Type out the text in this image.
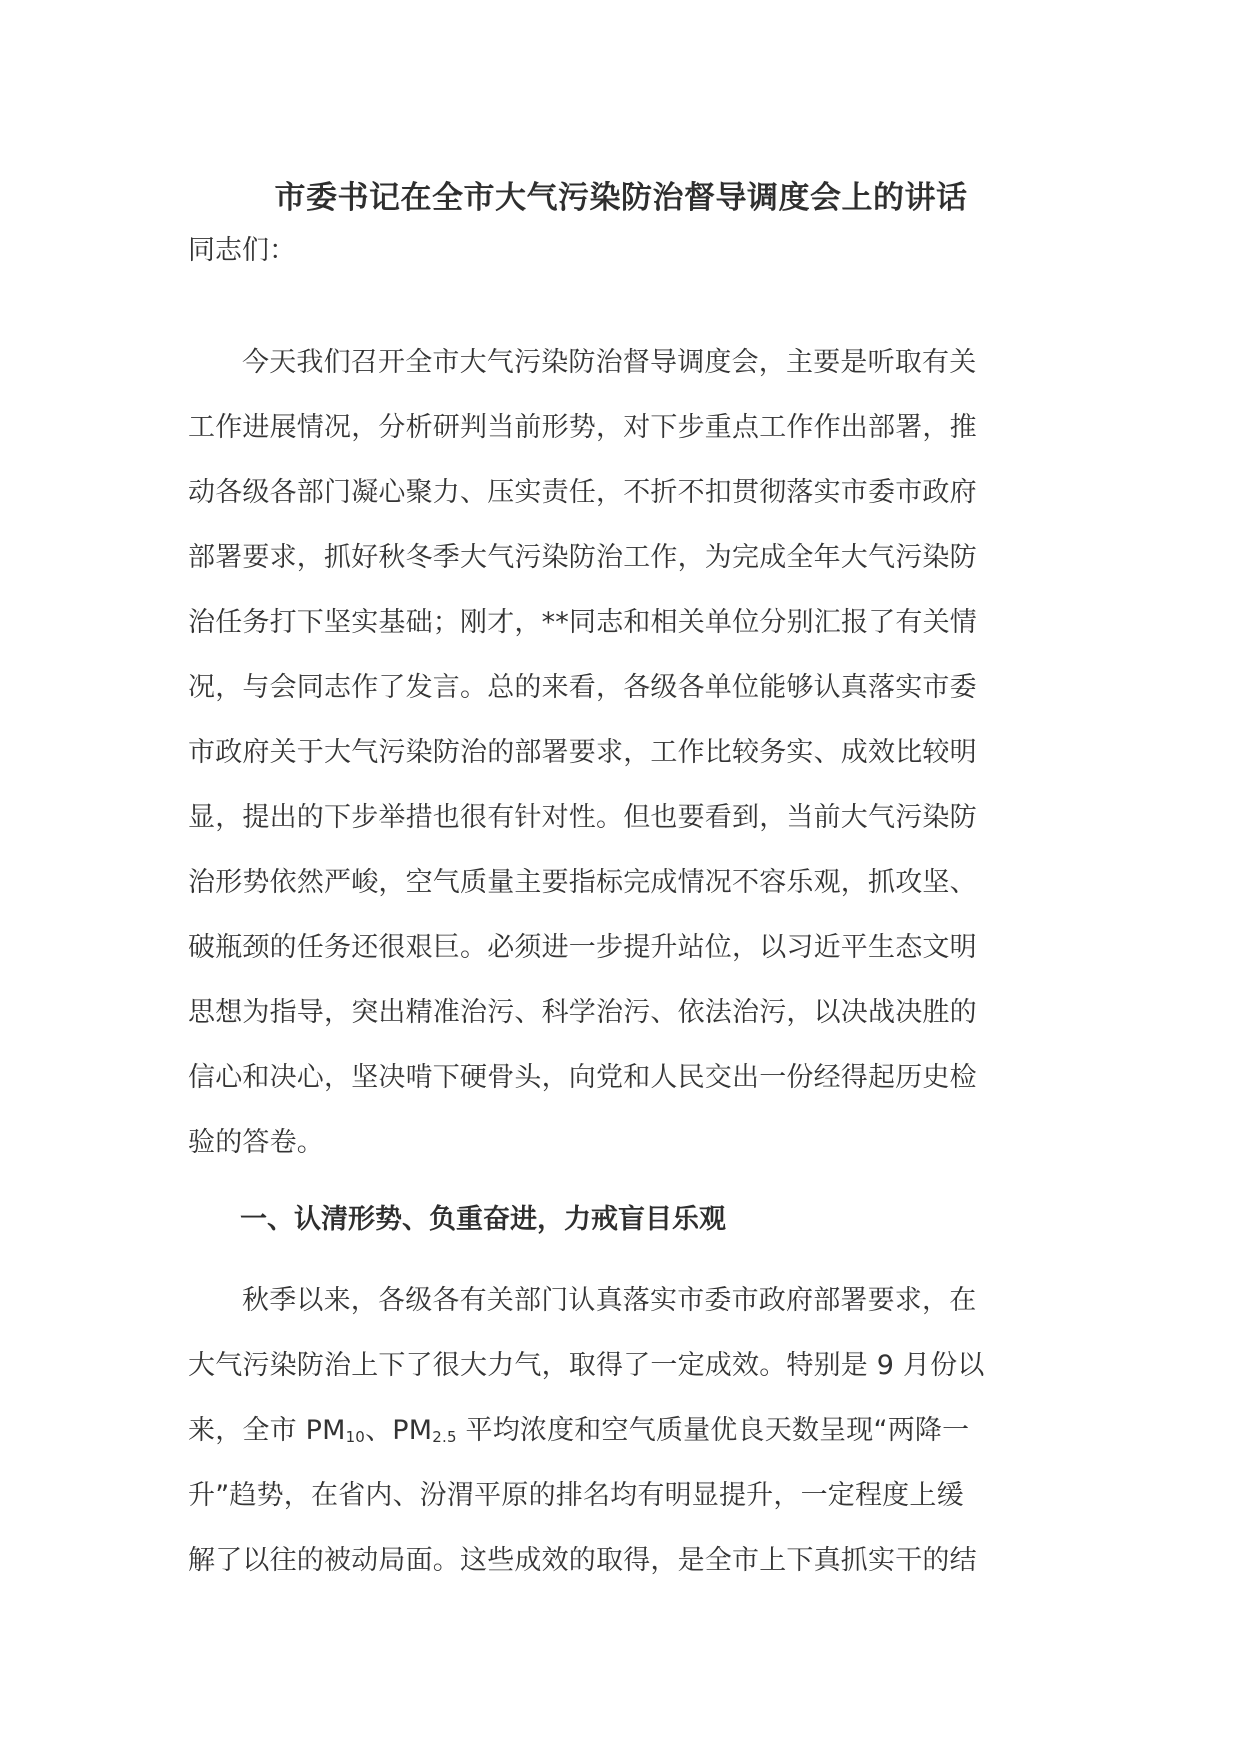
市委书记在全市大气污染防治督导调度会上的讲话

同志们：

今天我们召开全市大气污染防治督导调度会，主要是听取有关
工作进展情况，分析研判当前形势，对下步重点工作作出部署，推
动各级各部门凝心聚力、压实责任，不折不扣贯彻落实市委市政府
部署要求，抓好秋冬季大气污染防治工作，为完成全年大气污染防
治任务打下坚实基础；刚才，**同志和相关单位分别汇报了有关情
况，与会同志作了发言。总的来看，各级各单位能够认真落实市委
市政府关于大气污染防治的部署要求，工作比较务实、成效比较明
显，提出的下步举措也很有针对性。但也要看到，当前大气污染防
治形势依然严峻，空气质量主要指标完成情况不容乐观，抓攻坚、
破瓶颈的任务还很艰巨。必须进一步提升站位，以习近平生态文明
思想为指导，突出精准治污、科学治污、依法治污，以决战决胜的
信心和决心，坚决啃下硬骨头，向党和人民交出一份经得起历史检
验的答卷。
一、认清形势、负重奋进，力戒盲目乐观
秋季以来，各级各有关部门认真落实市委市政府部署要求，在
大气污染防治上下了很大力气，取得了一定成效。特别是 9 月份以
来，全市 $PM_{10}$、$PM_{2.5}$ 平均浓度和空气质量优良天数呈现“两降一
升”趋势，在省内、汾渭平原的排名均有明显提升，一定程度上缓
解了以往的被动局面。这些成效的取得，是全市上下真抓实干的结
